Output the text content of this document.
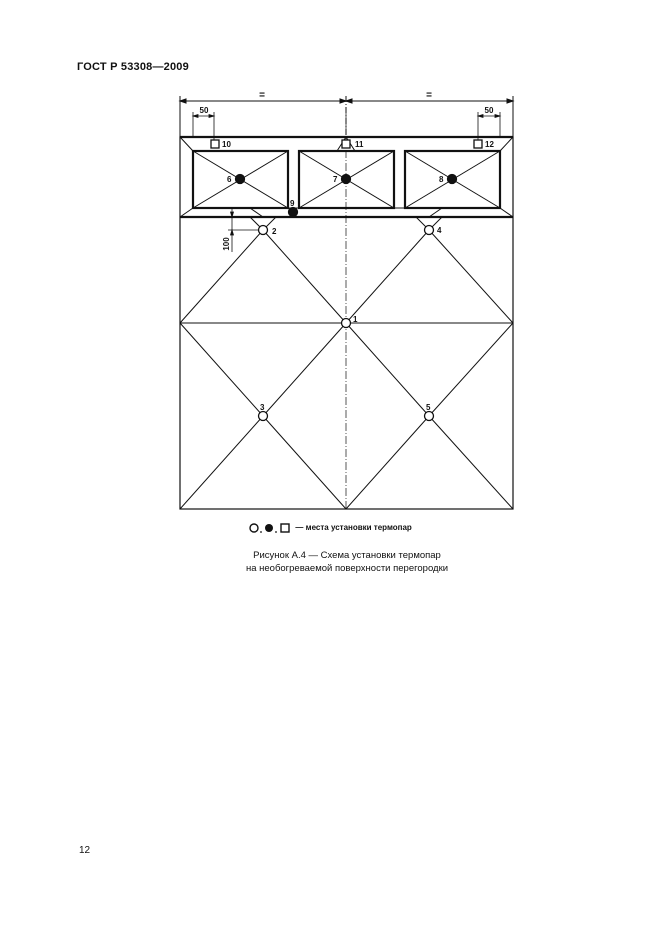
ГОСТ Р 53308—2009
=	=
50	50
100
1
2
3
4
5
6	7	8
9
10	11	12
— места установки термопар
Рисунок А.4 — Схема установки термопар
на необогреваемой поверхности перегородки
12
